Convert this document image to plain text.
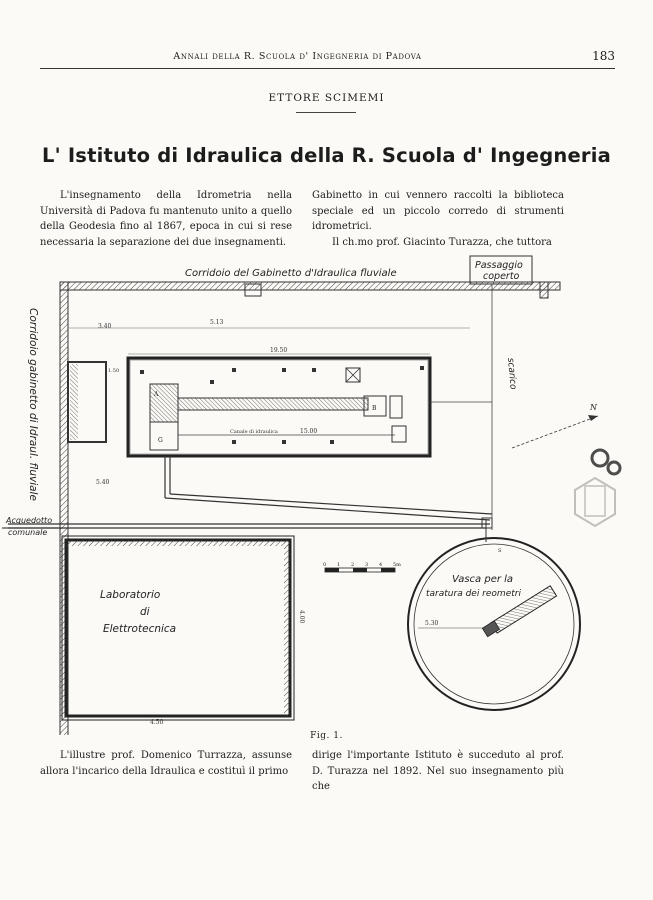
Annali della R. Scuola d' Ingegneria di Padova	183
ETTORE SCIMEMI
L' Istituto di Idraulica della R. Scuola d' Ingegneria

L'insegnamento della Idrometria nella Università di Padova fu mantenuto unito a quello della Geodesia fino al 1867, epoca in cui si rese necessaria la separazione dei due insegnamenti.

Gabinetto in cui vennero raccolti la biblioteca speciale ed un piccolo corredo di strumenti idrometrici.

Il ch.mo prof. Giacinto Turazza, che tuttora

Passaggio
coperto
Corridoio del Gabinetto d'Idraulica fluviale
Corridoio gabinetto di Idraul. fluviale	5.13
3.40
19.50
A
Canale di idraulica	15.00
G
B
scarico
Acquedotto
comunale
1.50
5.40
Laboratorio
di
Elettrotecnica
4.00
4.50
0 1 2 3 4 5m
S
Vasca per la
taratura dei reometri
5.30
N
Fig. 1.

L'illustre prof. Domenico Turrazza, assunse allora l'incarico della Idraulica e costituì il primo

dirige l'importante Istituto è succeduto al prof. D. Turazza nel 1892. Nel suo insegnamento più che
